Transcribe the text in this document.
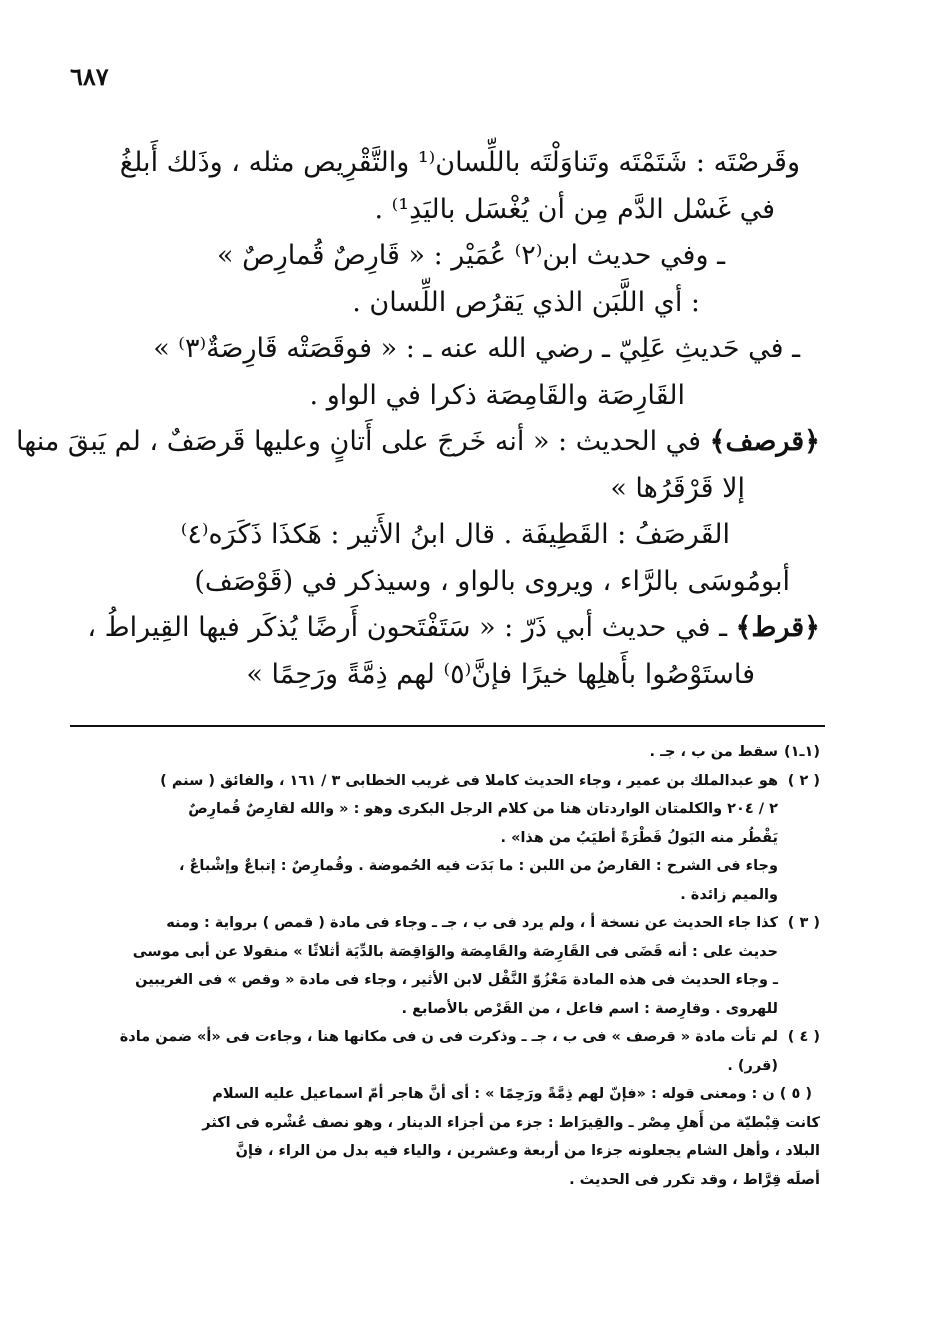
٦٨٧

وقَرصْتَه : شَتَمْتَه وتَناوَلْتَه باللِّسان⁽¹ والتَّقْرِيص مثله ، وذَلك أَبلغُ

في غَسْل الدَّم مِن أن يُغْسَل باليَدِ¹⁾ .

ـ وفي حديث ابن⁽٢⁾ عُمَيْر : « قَارِصٌ قُمارِصٌ »

: أي اللَّبَن الذي يَقرُص اللِّسان .

ـ في حَديثِ عَلِيّ ـ رضي الله عنه ـ : « فوقَصَتْه قَارِصَةٌ⁽٣⁾ »

القَارِصَة والقَامِصَة ذكرا في الواو .

﴿قرصف﴾ في الحديث : « أنه خَرجَ على أَتانٍ وعليها قَرصَفٌ ، لم يَبقَ منها

إلا قَرْقَرُها »

القَرصَفُ : القَطِيفَة . قال ابنُ الأَثير : هَكذَا ذَكَرَه⁽٤⁾

أبومُوسَى بالرَّاء ، ويروى بالواو ، وسيذكر في (قَوْصَف)

﴿قرط﴾ ـ في حديث أبي ذَرّ : « سَتَفْتَحون أَرضًا يُذكَر فيها القِيراطُ ،

فاستَوْصُوا بأَهلِها خيرًا فإنَّ⁽٥⁾ لهم ذِمَّةً ورَحِمًا »

(١ـ١)
سقط من ب ، جـ .
( ٢ )
هو عبدالملك بن عمير ، وجاء الحديث كاملا فى غريب الخطابى ٣ / ١٦١ ، والفائق ( سنم )
٢ / ٢٠٤ والكلمتان الواردتان هنا من كلام الرجل البكرى وهو : « والله لقارِصٌ قُمارِصٌ
يَقْطُر منه البَولُ قَطْرَةً أطيَبُ من هذا» .
وجاء فى الشرح : القارصُ من اللبن : ما بَدَت فيه الحُموضة . وقُمارِصٌ : إتباعٌ وإشْباعٌ ،
والميم زائدة .
( ٣ )
كذا جاء الحديث عن نسخة أ ، ولم يرد فى ب ، جـ ـ وجاء فى مادة ( قمص ) برواية : ومنه
حديث على : أنه قَضَى فى القَارِصَة والقَامِصَة والوَاقِصَة بالدِّيَة أثلاثًا » منقولا عن أبى موسى
ـ وجاء الحديث فى هذه المادة مَعْزُوّ النَّقْل لابن الأثير ، وجاء فى مادة « وقص » فى الغريبين
للهروى . وقارِصة : اسم فاعل ، من القَرْص بالأصابع .
( ٤ )
لم تأت مادة « قرصف » فى ب ، جـ ـ وذكرت فى ن فى مكانها هنا ، وجاءت فى «أ» ضمن مادة
(قرر) .
( ٥ ) ن : ومعنى قوله : «فإنّ لهم ذِمَّةً ورَحِمًا » : أى أنَّ هاجر أمّ اسماعيل عليه السلام
كانت قِبْطيّة من أَهلِ مِصْر ـ والقِيرَاط : جزء من أجزاء الدينار ، وهو نصف عُشْره فى اكثر
البلاد ، وأهل الشام يجعلونه جزءا من أربعة وعشرين ، والياء فيه بدل من الراء ، فإنَّ
أصلَه قِرَّاط ، وقد تكرر فى الحديث .
